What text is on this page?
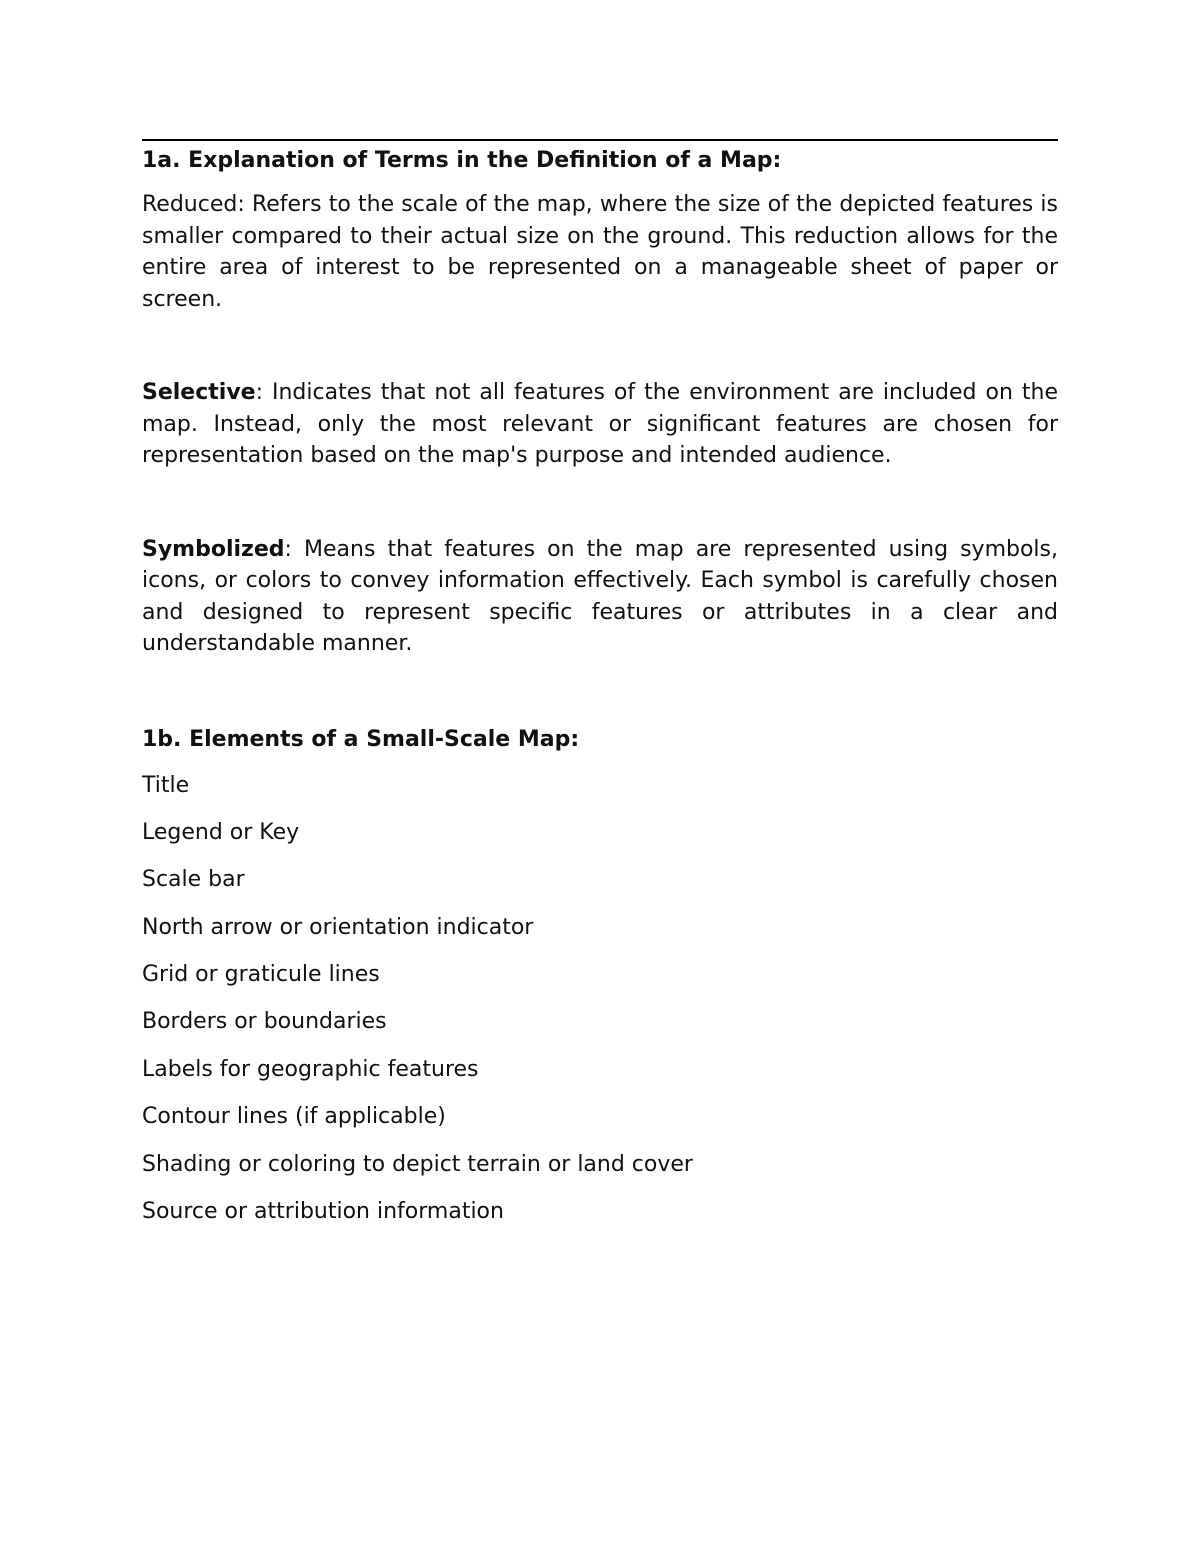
1a. Explanation of Terms in the Definition of a Map:

Reduced: Refers to the scale of the map, where the size of the depicted features is smaller compared to their actual size on the ground. This reduction allows for the entire area of interest to be represented on a manageable sheet of paper or screen.

Selective: Indicates that not all features of the environment are included on the map. Instead, only the most relevant or significant features are chosen for representation based on the map's purpose and intended audience.

Symbolized: Means that features on the map are represented using symbols, icons, or colors to convey information effectively. Each symbol is carefully chosen and designed to represent specific features or attributes in a clear and understandable manner.

1b. Elements of a Small-Scale Map:
Title
Legend or Key
Scale bar
North arrow or orientation indicator
Grid or graticule lines
Borders or boundaries
Labels for geographic features
Contour lines (if applicable)
Shading or coloring to depict terrain or land cover
Source or attribution information
